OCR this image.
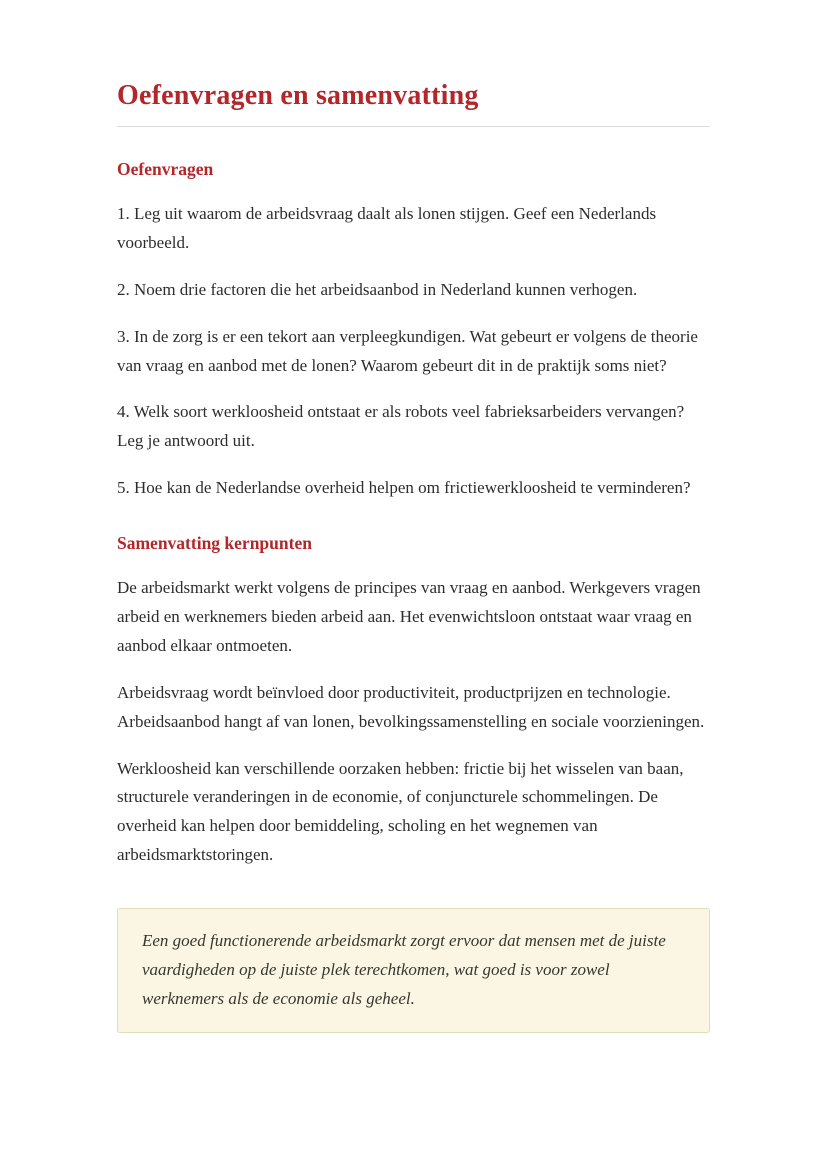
Oefenvragen en samenvatting
Oefenvragen

1. Leg uit waarom de arbeidsvraag daalt als lonen stijgen. Geef een Nederlands voorbeeld.

2. Noem drie factoren die het arbeidsaanbod in Nederland kunnen verhogen.

3. In de zorg is er een tekort aan verpleegkundigen. Wat gebeurt er volgens de theorie van vraag en aanbod met de lonen? Waarom gebeurt dit in de praktijk soms niet?

4. Welk soort werkloosheid ontstaat er als robots veel fabrieksarbeiders vervangen? Leg je antwoord uit.

5. Hoe kan de Nederlandse overheid helpen om frictiewerkloosheid te verminderen?

Samenvatting kernpunten

De arbeidsmarkt werkt volgens de principes van vraag en aanbod. Werkgevers vragen arbeid en werknemers bieden arbeid aan. Het evenwichtsloon ontstaat waar vraag en aanbod elkaar ontmoeten.

Arbeidsvraag wordt beïnvloed door productiviteit, productprijzen en technologie. Arbeidsaanbod hangt af van lonen, bevolkingssamenstelling en sociale voorzieningen.

Werkloosheid kan verschillende oorzaken hebben: frictie bij het wisselen van baan, structurele veranderingen in de economie, of conjuncturele schommelingen. De overheid kan helpen door bemiddeling, scholing en het wegnemen van arbeidsmarktstoringen.

Een goed functionerende arbeidsmarkt zorgt ervoor dat mensen met de juiste vaardigheden op de juiste plek terechtkomen, wat goed is voor zowel werknemers als de economie als geheel.
